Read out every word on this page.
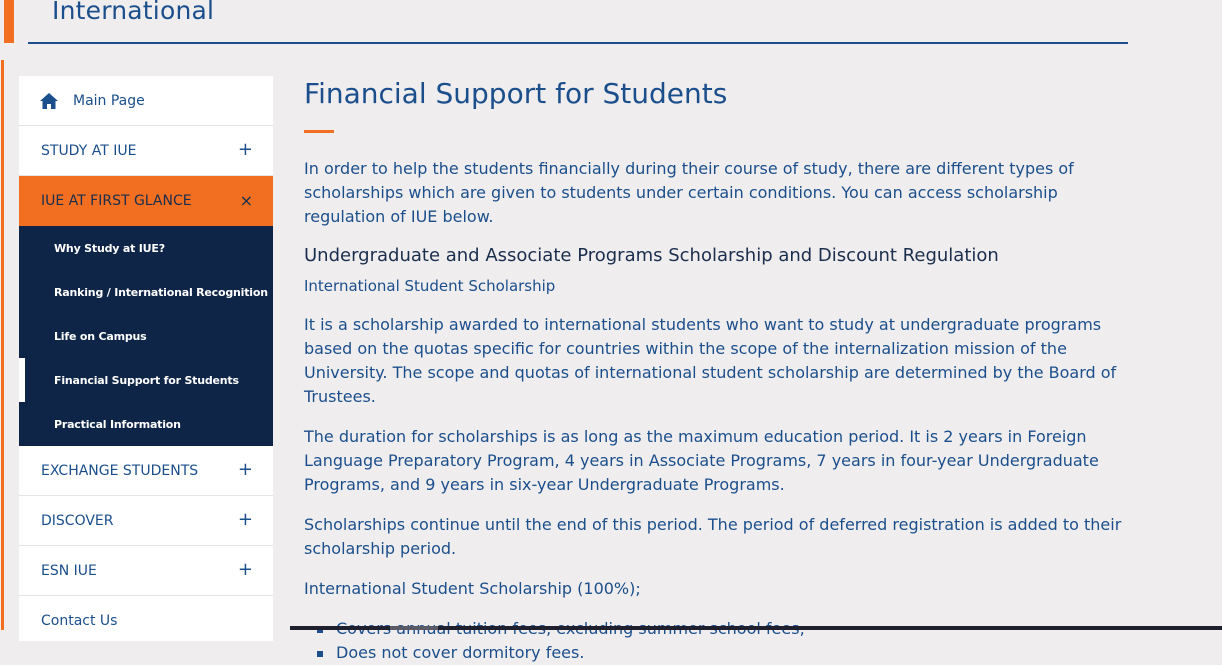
International
Main Page
STUDY AT IUE	+
IUE AT FIRST GLANCE	×
Why Study at IUE?
Ranking / International Recognition
Life on Campus
Financial Support for Students
Practical Information
EXCHANGE STUDENTS +
DISCOVER	+
ESN IUE	+
Contact Us
Financial Support for Students

In order to help the students financially during their course of study, there are different types of scholarships which are given to students under certain conditions. You can access scholarship regulation of IUE below.

Undergraduate and Associate Programs Scholarship and Discount Regulation

International Student Scholarship

It is a scholarship awarded to international students who want to study at undergraduate programs based on the quotas specific for countries within the scope of the internalization mission of the University. The scope and quotas of international student scholarship are determined by the Board of Trustees.

The duration for scholarships is as long as the maximum education period. It is 2 years in Foreign Language Preparatory Program, 4 years in Associate Programs, 7 years in four-year Undergraduate Programs, and 9 years in six-year Undergraduate Programs.

Scholarships continue until the end of this period. The period of deferred registration is added to their scholarship period.

International Student Scholarship (100%);

Does not cover dormitory fees.
